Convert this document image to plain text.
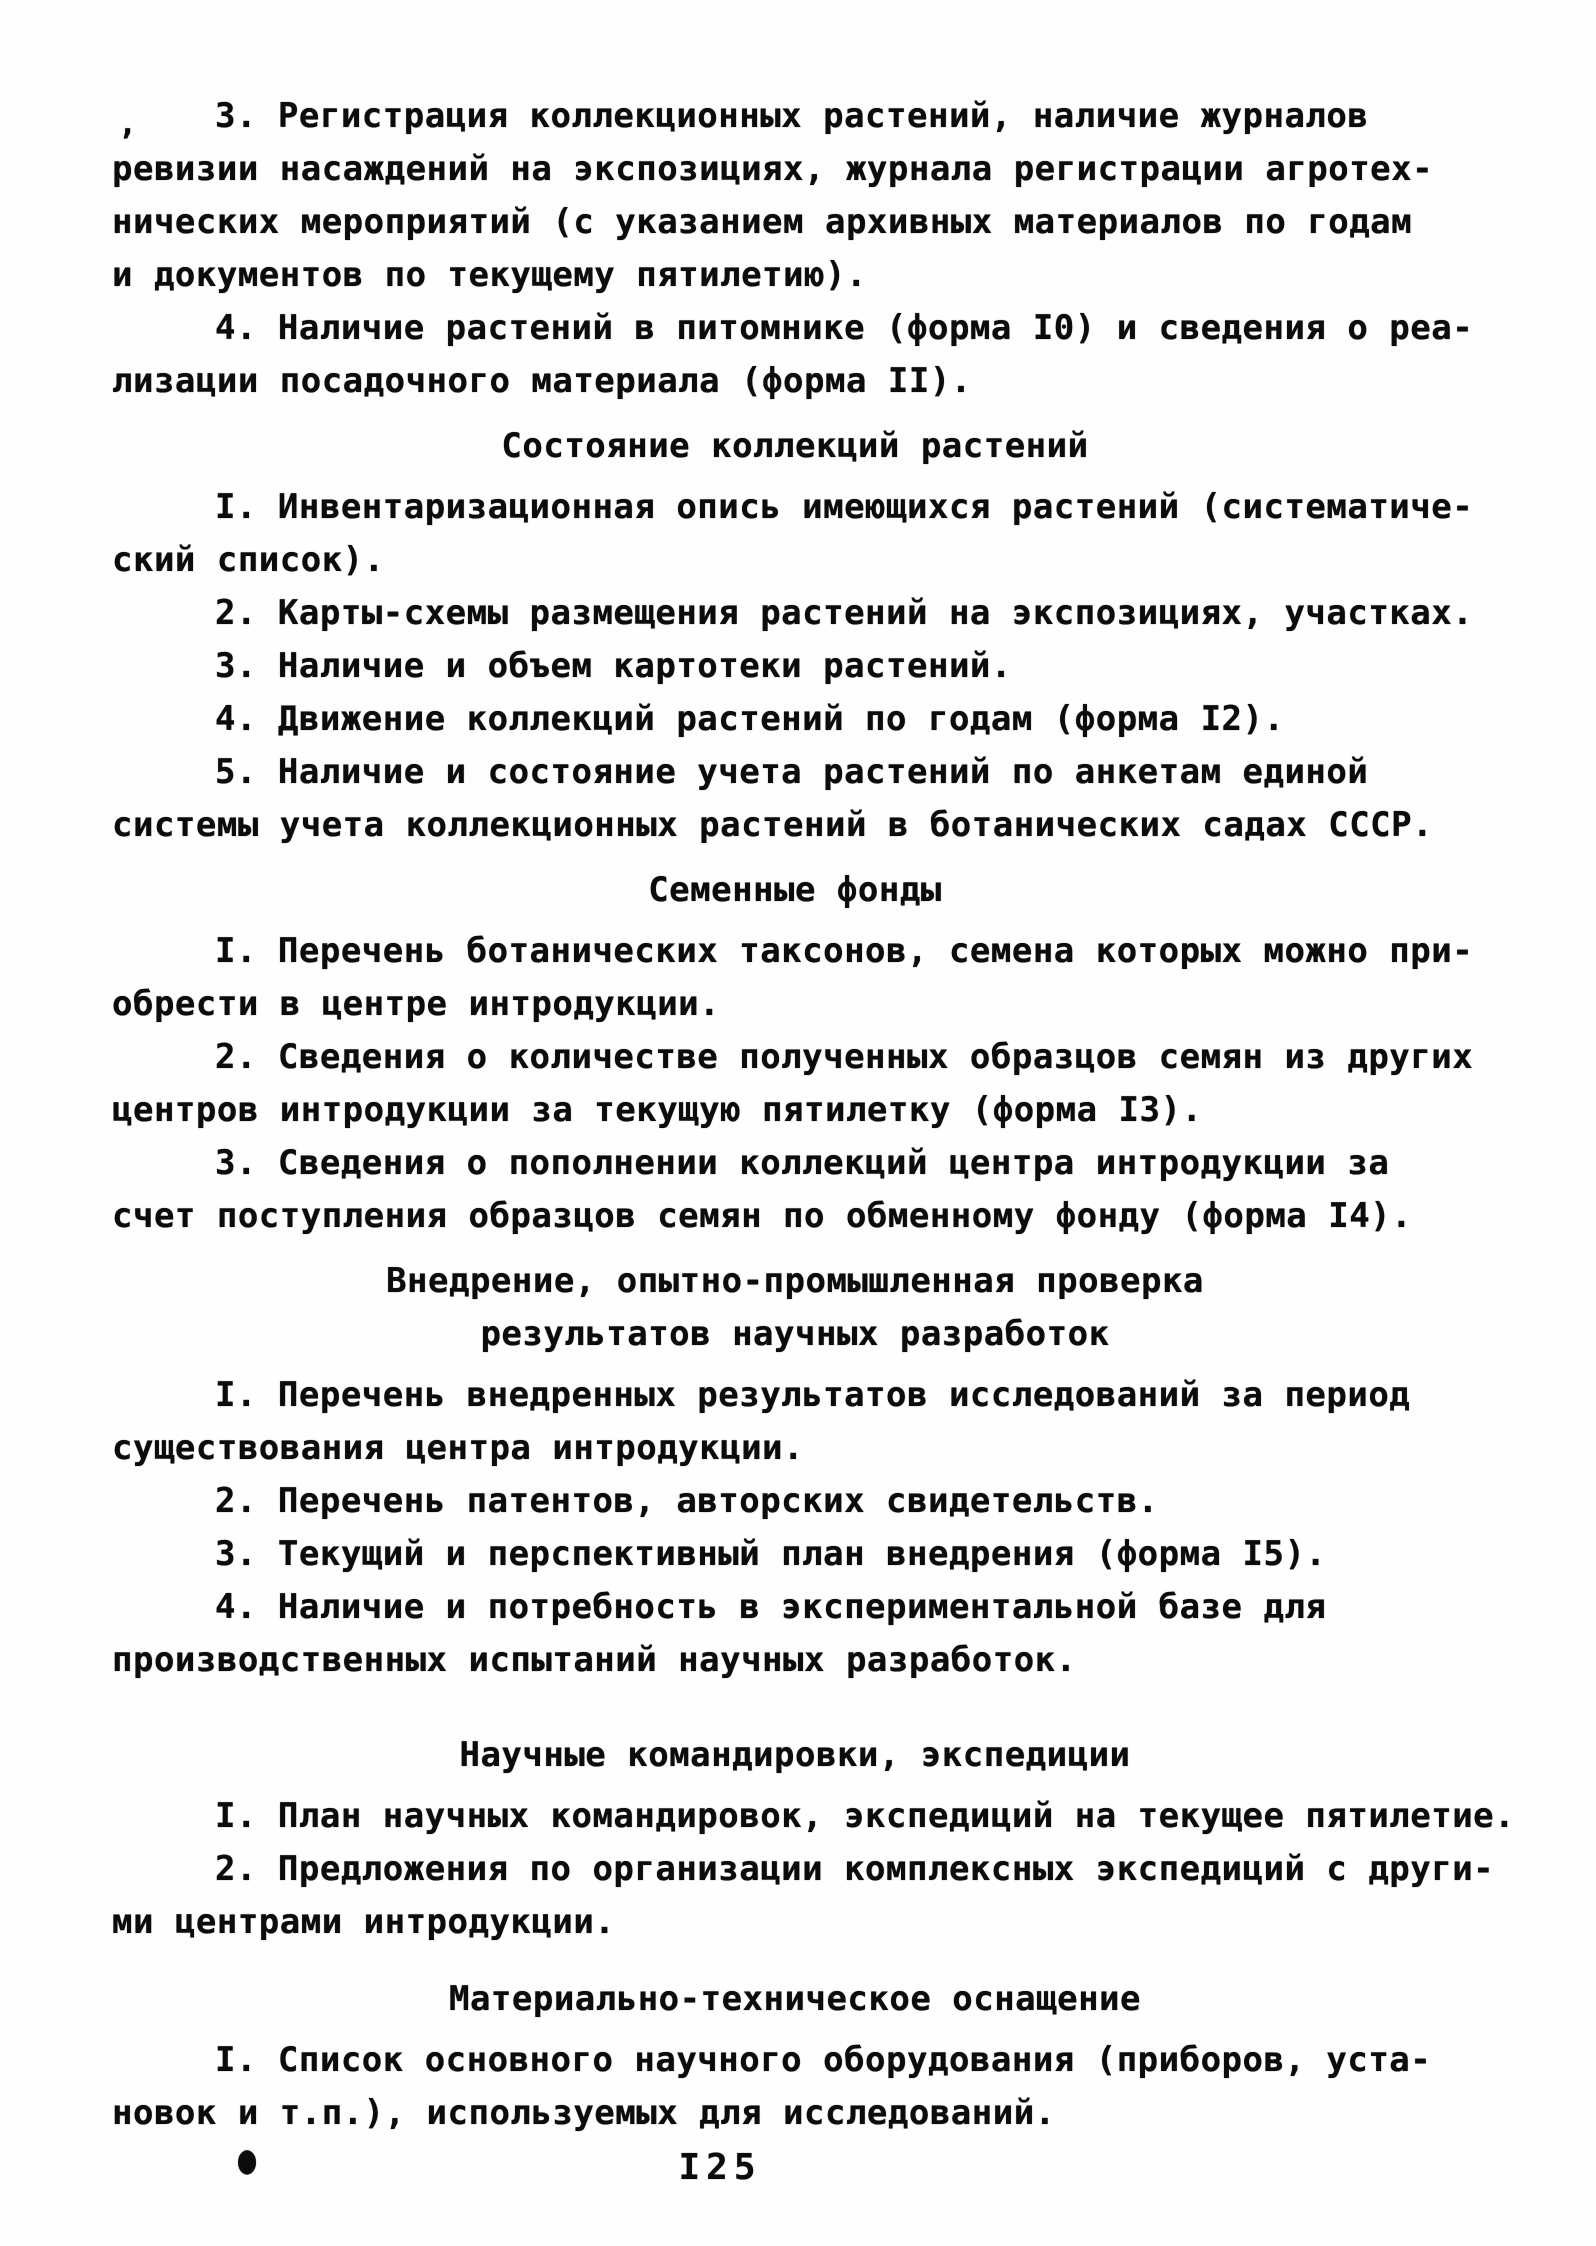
,	3. Регистрация коллекционных растений, наличие журналов
ревизии насаждений на экспозициях, журнала регистрации агротех-
нических мероприятий (с указанием архивных материалов по годам
и документов по текущему пятилетию).

4. Наличие растений в питомнике (форма I0) и сведения о реа-
лизации посадочного материала (форма II).

Состояние коллекций растений

I. Инвентаризационная опись имеющихся растений (систематиче-
ский список).

2. Карты-схемы размещения растений на экспозициях, участках.

3. Наличие и объем картотеки растений.

4. Движение коллекций растений по годам (форма I2).

5. Наличие и состояние учета растений по анкетам единой
системы учета коллекционных растений в ботанических садах СССР.

Семенные фонды

I. Перечень ботанических таксонов, семена которых можно при-
обрести в центре интродукции.

2. Сведения о количестве полученных образцов семян из других
центров интродукции за текущую пятилетку (форма I3).

3. Сведения о пополнении коллекций центра интродукции за
счет поступления образцов семян по обменному фонду (форма I4).

Внедрение, опытно-промышленная проверка
результатов научных разработок

I. Перечень внедренных результатов исследований за период
существования центра интродукции.

2. Перечень патентов, авторских свидетельств.

3. Текущий и перспективный план внедрения (форма I5).

4. Наличие и потребность в экспериментальной базе для
производственных испытаний научных разработок.

Научные командировки, экспедиции

I. План научных командировок, экспедиций на текущее пятилетие.

2. Предложения по организации комплексных экспедиций с други-
ми центрами интродукции.

Материально-техническое оснащение

I. Список основного научного оборудования (приборов, уста-
новок и т.п.), используемых для исследований.

●	I25
